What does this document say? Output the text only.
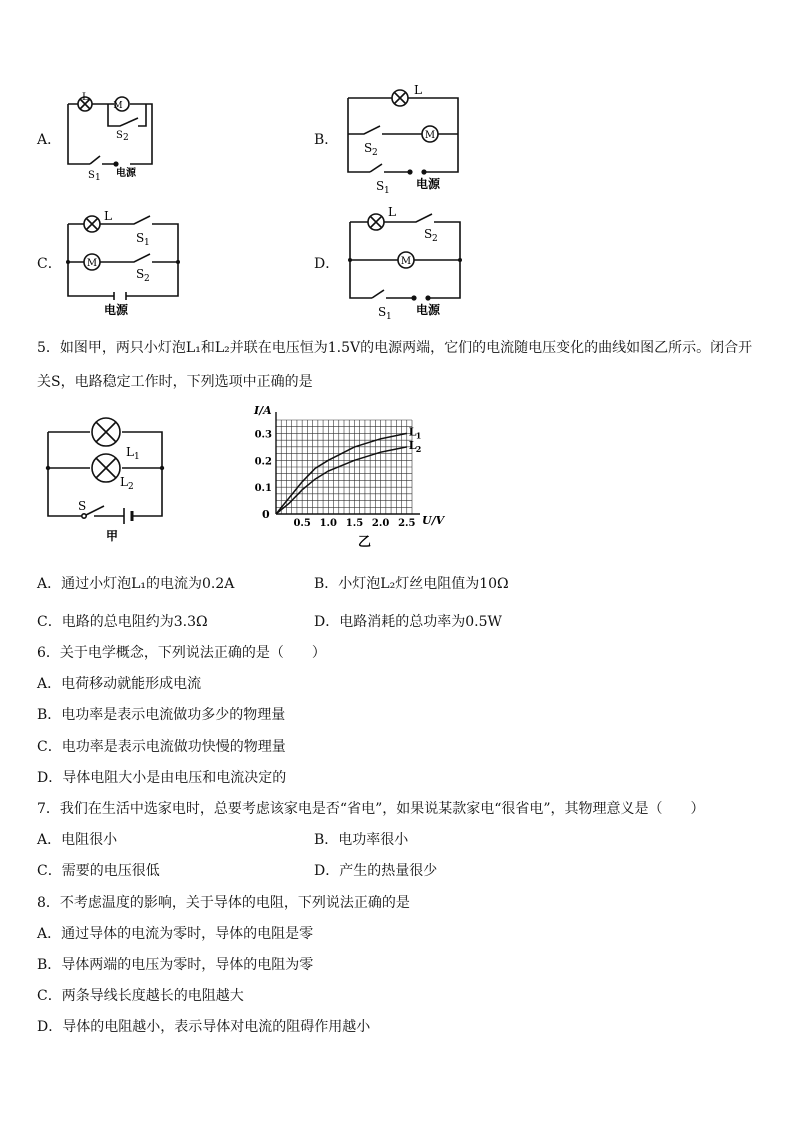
A．
L
M
S 2
S 1 电源
B．
L
M
S 2
S 1 电源
C．
L
M
S 1
S 2
电源
D．
L
M
S 2
S 1 电源
5．如图甲，两只小灯泡L₁和L₂并联在电压恒为1.5V的电源两端，它们的电流随电压变化的曲线如图乙所示。闭合开
关S，电路稳定工作时，下列选项中正确的是
L 1
L 2
S
甲
0.5 1.0 1.5 2.0 2.5
0.1
0.2
0.3	L 1
L 2
I/A
U/V
0
乙
A．通过小灯泡L₁的电流为0.2A	B．小灯泡L₂灯丝电阻值为10Ω
C．电路的总电阻约为3.3Ω	D．电路消耗的总功率为0.5W
6．关于电学概念，下列说法正确的是（　　）
A．电荷移动就能形成电流
B．电功率是表示电流做功多少的物理量
C．电功率是表示电流做功快慢的物理量
D．导体电阻大小是由电压和电流决定的
7．我们在生活中选家电时，总要考虑该家电是否“省电”，如果说某款家电“很省电”，其物理意义是（　　）
A．电阻很小	B．电功率很小
C．需要的电压很低	D．产生的热量很少
8．不考虑温度的影响，关于导体的电阻，下列说法正确的是
A．通过导体的电流为零时，导体的电阻是零
B．导体两端的电压为零时，导体的电阻为零
C．两条导线长度越长的电阻越大
D．导体的电阻越小，表示导体对电流的阻碍作用越小
